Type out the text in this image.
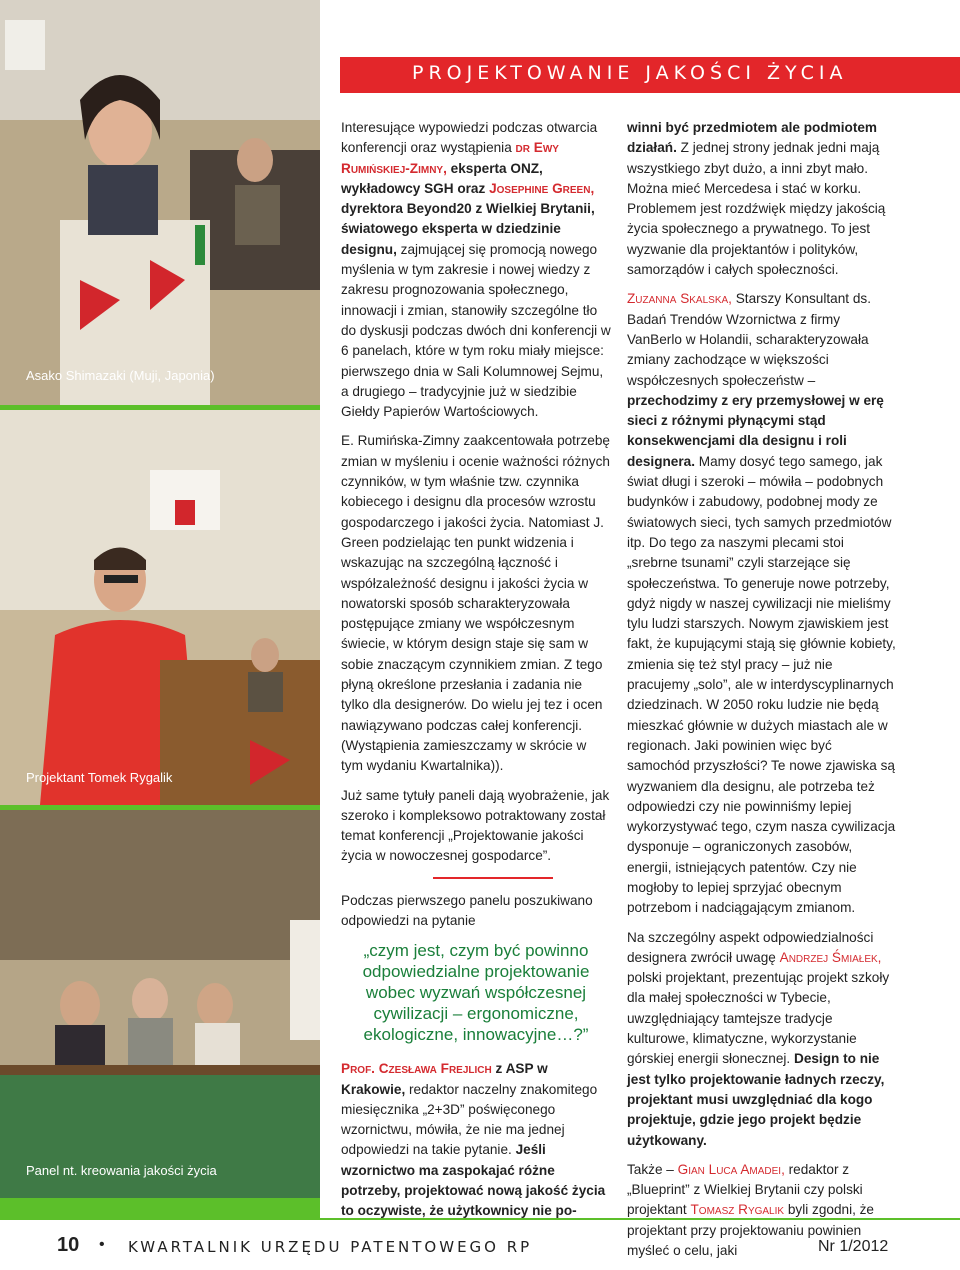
Asako Shimazaki (Muji, Japonia)
Projektant Tomek Rygalik
Panel nt. kreowania jakości życia
PROJEKTOWANIE JAKOŚCI ŻYCIA

Interesujące wypowiedzi podczas otwarcia konferencji oraz wystąpienia dr Ewy Rumińskiej-Zimny, eksperta ONZ, wykładowcy SGH oraz Josephine Green, dyrektora Beyond20 z Wielkiej Brytanii, światowego eksperta w dziedzinie designu, zajmującej się promocją nowego myślenia w tym zakresie i nowej wiedzy z zakresu prognozowania społecznego, innowacji i zmian, stanowiły szczególne tło do dyskusji podczas dwóch dni konferencji w 6 panelach, które w tym roku miały miejsce: pierwszego dnia w Sali Kolumnowej Sejmu, a drugiego – tradycyjnie już w siedzibie Giełdy Papierów Wartościowych.

E. Rumińska-Zimny zaakcentowała potrzebę zmian w myśleniu i ocenie ważności różnych czynników, w tym właśnie tzw. czynnika kobiecego i designu dla procesów wzrostu gospodarczego i jakości życia. Natomiast J. Green podzielając ten punkt widzenia i wskazując na szczególną łączność i współzależność designu i jakości życia w nowatorski sposób scharakteryzowała postępujące zmiany we współczesnym świecie, w którym design staje się sam w sobie znaczącym czynnikiem zmian. Z tego płyną określone przesłania i zadania nie tylko dla designerów. Do wielu jej tez i ocen nawiązywano podczas całej konferencji. (Wystąpienia zamieszczamy w skrócie w tym wydaniu Kwartalnika)).

Już same tytuły paneli dają wyobrażenie, jak szeroko i kompleksowo potraktowany został temat konferencji „Projektowanie jakości życia w nowoczesnej gospodarce”.

Podczas pierwszego panelu poszukiwano odpowiedzi na pytanie

„czym jest, czym być powinno odpowiedzialne projektowanie wobec wyzwań współczesnej cywilizacji – ergonomiczne, ekologiczne, innowacyjne…?”

Prof. Czesława Frejlich z ASP w Krakowie, redaktor naczelny znakomitego miesięcznika „2+3D” poświęconego wzornictwu, mówiła, że nie ma jednej odpowiedzi na takie pytanie. Jeśli wzornictwo ma zaspokajać różne potrzeby, projektować nową jakość życia to oczywiste, że użytkownicy nie po-

winni być przedmiotem ale podmiotem działań. Z jednej strony jednak jedni mają wszystkiego zbyt dużo, a inni zbyt mało. Można mieć Mercedesa i stać w korku. Problemem jest rozdźwięk między jakością życia społecznego a prywatnego. To jest wyzwanie dla projektantów i polityków, samorządów i całych społeczności.

Zuzanna Skalska, Starszy Konsultant ds. Badań Trendów Wzornictwa z firmy VanBerlo w Holandii, scharakteryzowała zmiany zachodzące w większości współczesnych społeczeństw – przechodzimy z ery przemysłowej w erę sieci z różnymi płynącymi stąd konsekwencjami dla designu i roli designera. Mamy dosyć tego samego, jak świat długi i szeroki – mówiła – podobnych budynków i zabudowy, podobnej mody ze światowych sieci, tych samych przedmiotów itp. Do tego za naszymi plecami stoi „srebrne tsunami” czyli starzejące się społeczeństwa. To generuje nowe potrzeby, gdyż nigdy w naszej cywilizacji nie mieliśmy tylu ludzi starszych. Nowym zjawiskiem jest fakt, że kupującymi stają się głównie kobiety, zmienia się też styl pracy – już nie pracujemy „solo”, ale w interdyscyplinarnych dziedzinach. W 2050 roku ludzie nie będą mieszkać głównie w dużych miastach ale w regionach. Jaki powinien więc być samochód przyszłości? Te nowe zjawiska są wyzwaniem dla designu, ale potrzeba też odpowiedzi czy nie powinniśmy lepiej wykorzystywać tego, czym nasza cywilizacja dysponuje – ograniczonych zasobów, energii, istniejących patentów. Czy nie mogłoby to lepiej sprzyjać obecnym potrzebom i nadciągającym zmianom.

Na szczególny aspekt odpowiedzialności designera zwrócił uwagę Andrzej Śmiałek, polski projektant, prezentując projekt szkoły dla małej społeczności w Tybecie, uwzględniający tamtejsze tradycje kulturowe, klimatyczne, wykorzystanie górskiej energii słonecznej. Design to nie jest tylko projektowanie ładnych rzeczy, projektant musi uwzględniać dla kogo projektuje, gdzie jego projekt będzie użytkowany.

Także – Gian Luca Amadei, redaktor z „Blueprint” z Wielkiej Brytanii czy polski projektant Tomasz Rygalik byli zgodni, że projektant przy projektowaniu powinien myśleć o celu, jaki

10 • KWARTALNIK URZĘDU PATENTOWEGO RP	Nr 1/2012
